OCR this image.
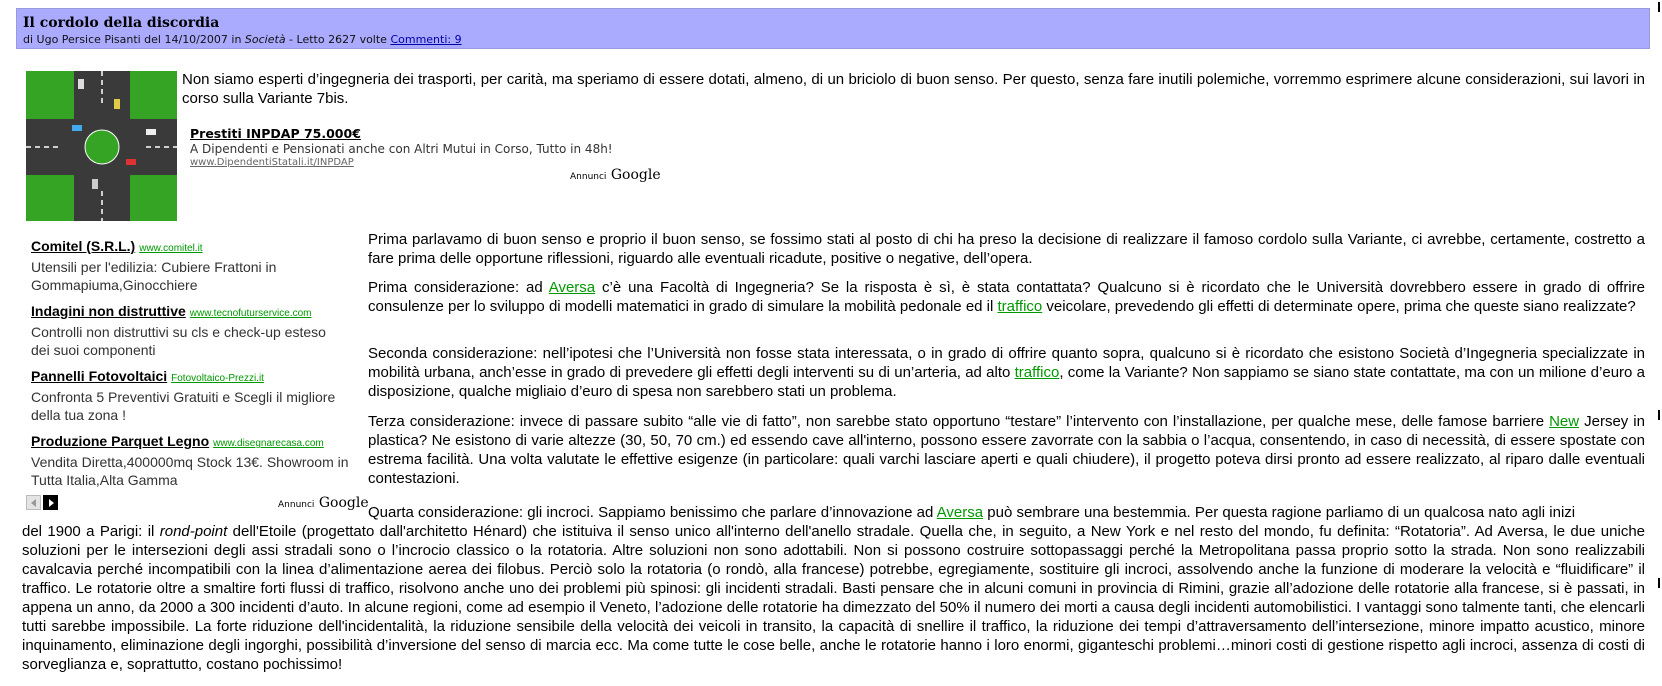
Il cordolo della discordia
di Ugo Persice Pisanti del 14/10/2007 in Società - Letto 2627 volte Commenti: 9

Non siamo esperti d’ingegneria dei trasporti, per carità, ma speriamo di essere dotati, almeno, di un briciolo di buon senso. Per questo, senza fare inutili polemiche, vorremmo esprimere alcune considerazioni, sui lavori in corso sulla Variante 7bis.

Prestiti INPDAP 75.000€
A Dipendenti e Pensionati anche con Altri Mutui in Corso, Tutto in 48h!
www.DipendentiStatali.it/INPDAP
Annunci Google
Comitel (S.R.L.) www.comitel.it
Utensili per l'edilizia: Cubiere Frattoni in Gommapiuma,Ginocchiere
Indagini non distruttive www.tecnofuturservice.com
Controlli non distruttivi su cls e check-up esteso dei suoi componenti
Pannelli Fotovoltaici Fotovoltaico-Prezzi.it
Confronta 5 Preventivi Gratuiti e Scegli il migliore della tua zona !
Produzione Parquet Legno www.disegnarecasa.com
Vendita Diretta,400000mq Stock 13€. Showroom in Tutta Italia,Alta Gamma
Annunci Google

Prima parlavamo di buon senso e proprio il buon senso, se fossimo stati al posto di chi ha preso la decisione di realizzare il famoso cordolo sulla Variante, ci avrebbe, certamente, costretto a fare prima delle opportune riflessioni, riguardo alle eventuali ricadute, positive o negative, dell’opera.

Prima considerazione: ad Aversa c’è una Facoltà di Ingegneria? Se la risposta è sì, è stata contattata? Qualcuno si è ricordato che le Università dovrebbero essere in grado di offrire consulenze per lo sviluppo di modelli matematici in grado di simulare la mobilità pedonale ed il traffico veicolare, prevedendo gli effetti di determinate opere, prima che queste siano realizzate?

Seconda considerazione: nell’ipotesi che l’Università non fosse stata interessata, o in grado di offrire quanto sopra, qualcuno si è ricordato che esistono Società d’Ingegneria specializzate in mobilità urbana, anch’esse in grado di prevedere gli effetti degli interventi su di un’arteria, ad alto traffico, come la Variante? Non sappiamo se siano state contattate, ma con un milione d’euro a disposizione, qualche migliaio d’euro di spesa non sarebbero stati un problema.

Terza considerazione: invece di passare subito “alle vie di fatto”, non sarebbe stato opportuno “testare” l’intervento con l’installazione, per qualche mese, delle famose barriere New Jersey in plastica? Ne esistono di varie altezze (30, 50, 70 cm.) ed essendo cave all'interno, possono essere zavorrate con la sabbia o l’acqua, consentendo, in caso di necessità, di essere spostate con estrema facilità. Una volta valutate le effettive esigenze (in particolare: quali varchi lasciare aperti e quali chiudere), il progetto poteva dirsi pronto ad essere realizzato, al riparo dalle eventuali contestazioni.

Quarta considerazione: gli incroci. Sappiamo benissimo che parlare d’innovazione ad Aversa può sembrare una bestemmia. Per questa ragione parliamo di un qualcosa nato agli inizi

del 1900 a Parigi: il rond-point dell'Etoile (progettato dall'architetto Hénard) che istituiva il senso unico all'interno dell'anello stradale. Quella che, in seguito, a New York e nel resto del mondo, fu definita: “Rotatoria”. Ad Aversa, le due uniche soluzioni per le intersezioni degli assi stradali sono o l’incrocio classico o la rotatoria. Altre soluzioni non sono adottabili. Non si possono costruire sottopassaggi perché la Metropolitana passa proprio sotto la strada. Non sono realizzabili cavalcavia perché incompatibili con la linea d’alimentazione aerea dei filobus. Perciò solo la rotatoria (o rondò, alla francese) potrebbe, egregiamente, sostituire gli incroci, assolvendo anche la funzione di moderare la velocità e “fluidificare” il traffico. Le rotatorie oltre a smaltire forti flussi di traffico, risolvono anche uno dei problemi più spinosi: gli incidenti stradali. Basti pensare che in alcuni comuni in provincia di Rimini, grazie all’adozione delle rotatorie alla francese, si è passati, in appena un anno, da 2000 a 300 incidenti d’auto. In alcune regioni, come ad esempio il Veneto, l’adozione delle rotatorie ha dimezzato del 50% il numero dei morti a causa degli incidenti automobilistici. I vantaggi sono talmente tanti, che elencarli tutti sarebbe impossibile. La forte riduzione dell'incidentalità, la riduzione sensibile della velocità dei veicoli in transito, la capacità di snellire il traffico, la riduzione dei tempi d’attraversamento dell’intersezione, minore impatto acustico, minore inquinamento, eliminazione degli ingorghi, possibilità d’inversione del senso di marcia ecc. Ma come tutte le cose belle, anche le rotatorie hanno i loro enormi, giganteschi problemi…minori costi di gestione rispetto agli incroci, assenza di costi di sorveglianza e, soprattutto, costano pochissimo!
